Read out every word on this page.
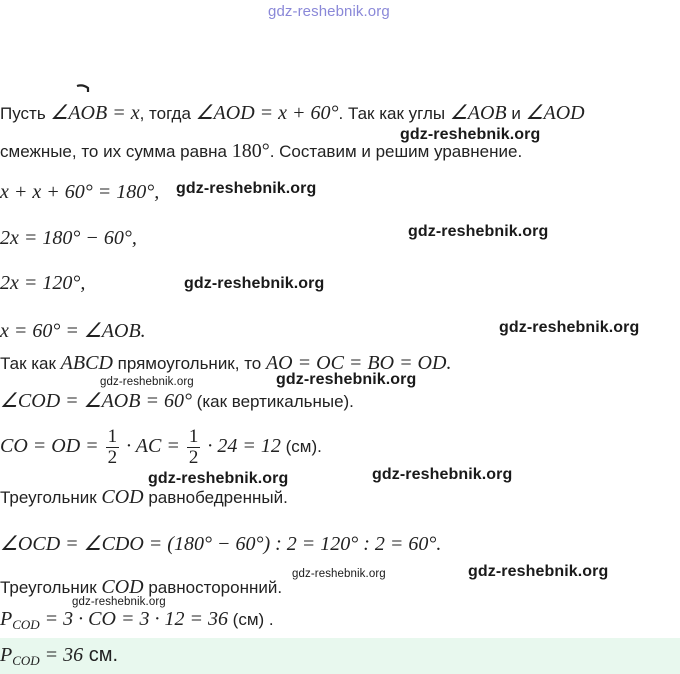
gdz-reshebnik.org
Пусть ∠AOB = x, тогда ∠AOD = x + 60°. Так как углы ∠AOB и ∠AOD
gdz-reshebnik.org
смежные, то их сумма равна 180°. Составим и решим уравнение.
x + x + 60° = 180°, gdz-reshebnik.org
2x = 180° − 60°,	gdz-reshebnik.org
2x = 120°,	gdz-reshebnik.org
x = 60° = ∠AOB.	gdz-reshebnik.org
Так как ABCD прямоугольник, то AO = OC = BO = OD.
gdz-reshebnik.org	gdz-reshebnik.org
∠COD = ∠AOB = 60° (как вертикальные).
CO = OD = $\frac{1}{2}$ · AC = $\frac{1}{2} \cdot 24 = 12$ (см).
gdz-reshebnik.org	gdz-reshebnik.org
Треугольник COD равнобедренный.
∠OCD = ∠CDO = (180° − 60°) : 2 = 120° : 2 = 60°.
Треугольник COD равносторонний.
gdz-reshebnik.org	gdz-reshebnik.org
gdz-reshebnik.org
$P_{COD} = 3$ · CO = 3 · 12 = 36 (см) .
$P_{COD} = 36$ см.
